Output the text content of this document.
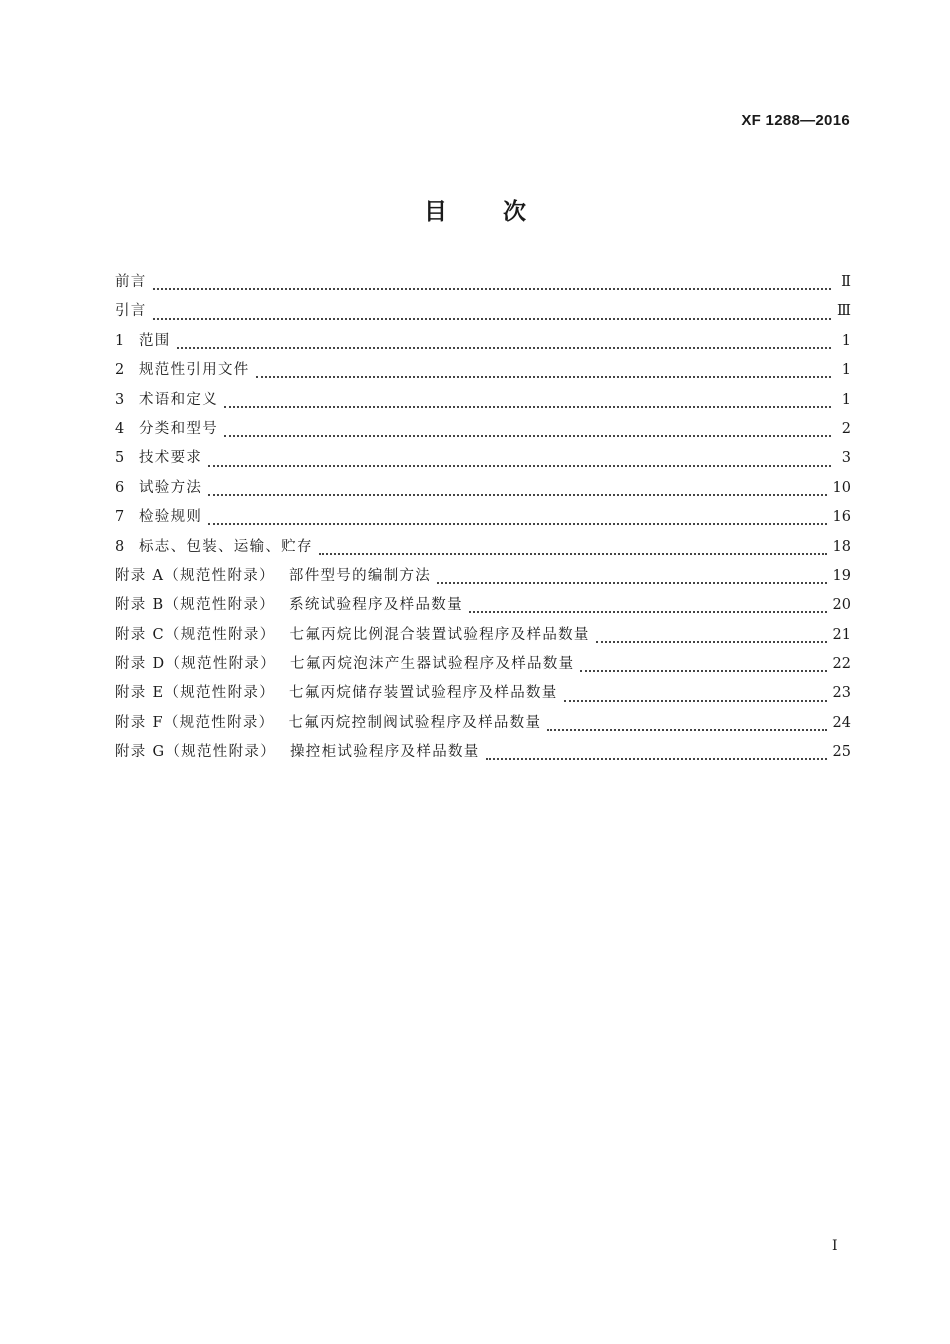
XF 1288—2016
目次
前言	Ⅱ
引言	Ⅲ
1 范围	1
2 规范性引用文件	1
3 术语和定义	1
4 分类和型号	2
5 技术要求	3
6 试验方法	10
7 检验规则	16
8 标志、包装、运输、贮存	18
附录 A（规范性附录） 部件型号的编制方法	19
附录 B（规范性附录） 系统试验程序及样品数量	20
附录 C（规范性附录） 七氟丙烷比例混合装置试验程序及样品数量	21
附录 D（规范性附录） 七氟丙烷泡沫产生器试验程序及样品数量	22
附录 E（规范性附录） 七氟丙烷储存装置试验程序及样品数量	23
附录 F（规范性附录） 七氟丙烷控制阀试验程序及样品数量	24
附录 G（规范性附录） 操控柜试验程序及样品数量	25
Ⅰ
